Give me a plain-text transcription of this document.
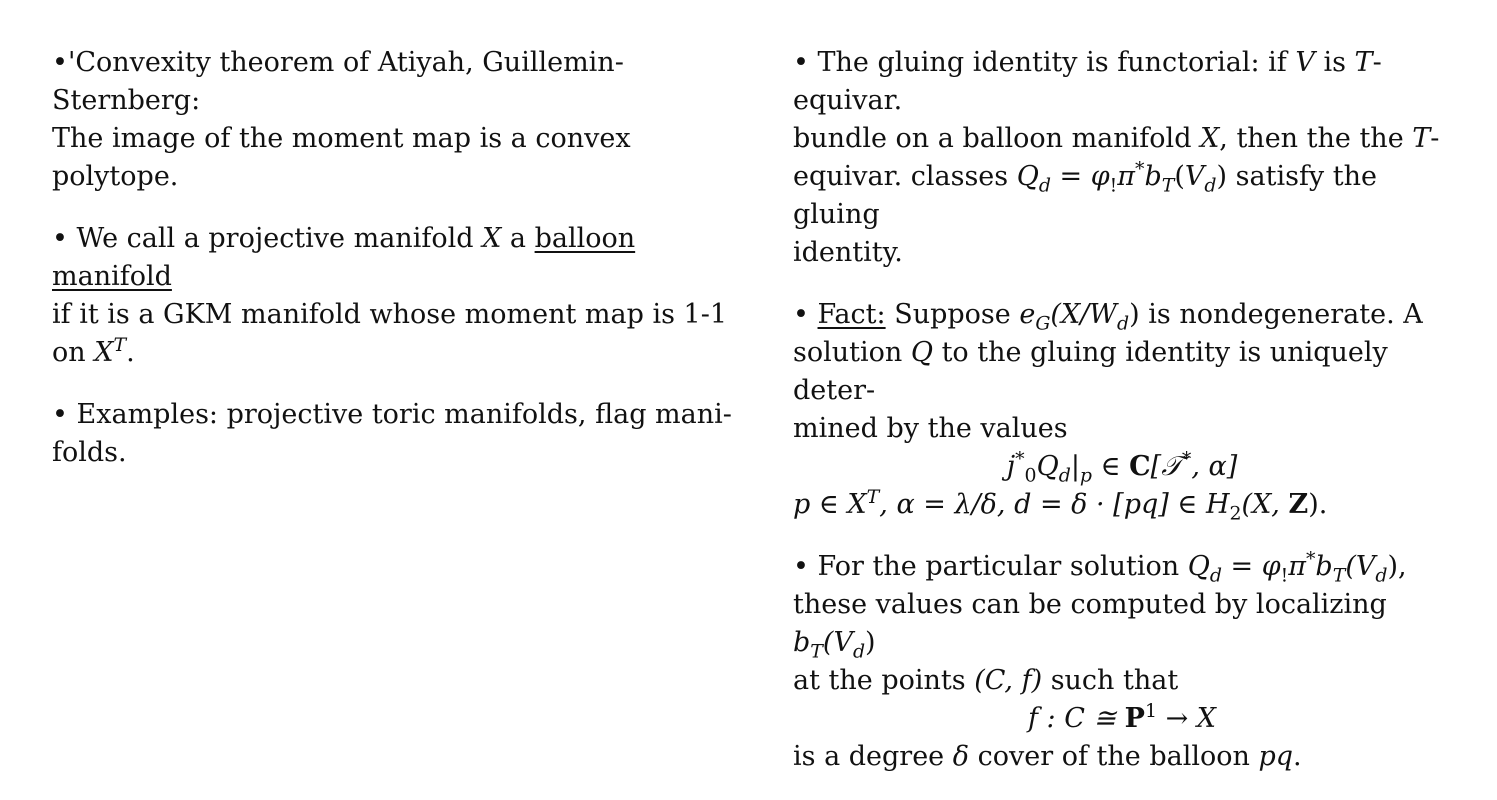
•'Convexity theorem of Atiyah, Guillemin-Sternberg:

The image of the moment map is a convex polytope.

• We call a projective manifold X a balloon manifold

if it is a GKM manifold whose moment map is 1-1

on $X^T$.

• Examples: projective toric manifolds, flag mani-

folds.

• The gluing identity is functorial: if V is T-equivar.

bundle on a balloon manifold X, then the the T-

equivar. classes $Q_d = \varphi_!\pi^*b_T(V_d)$ satisfy the gluing

identity.

• Fact: Suppose $e_G(X/W_d)$ is nondegenerate. A

solution Q to the gluing identity is uniquely deter-

mined by the values

$j^*_0Q_d|_p$ ∈ C[𝒯*, α]

p ∈ $X^T$, α = λ/δ, d = δ · [pq] ∈ $H_2(X$, Z).

• For the particular solution $Q_d = \varphi_!\pi^*b_T(V_d)$,

these values can be computed by localizing $b_T(V_d)$

at the points (C, f) such that

f : C ≅ $P^1 \to X$

is a degree δ cover of the balloon pq.
